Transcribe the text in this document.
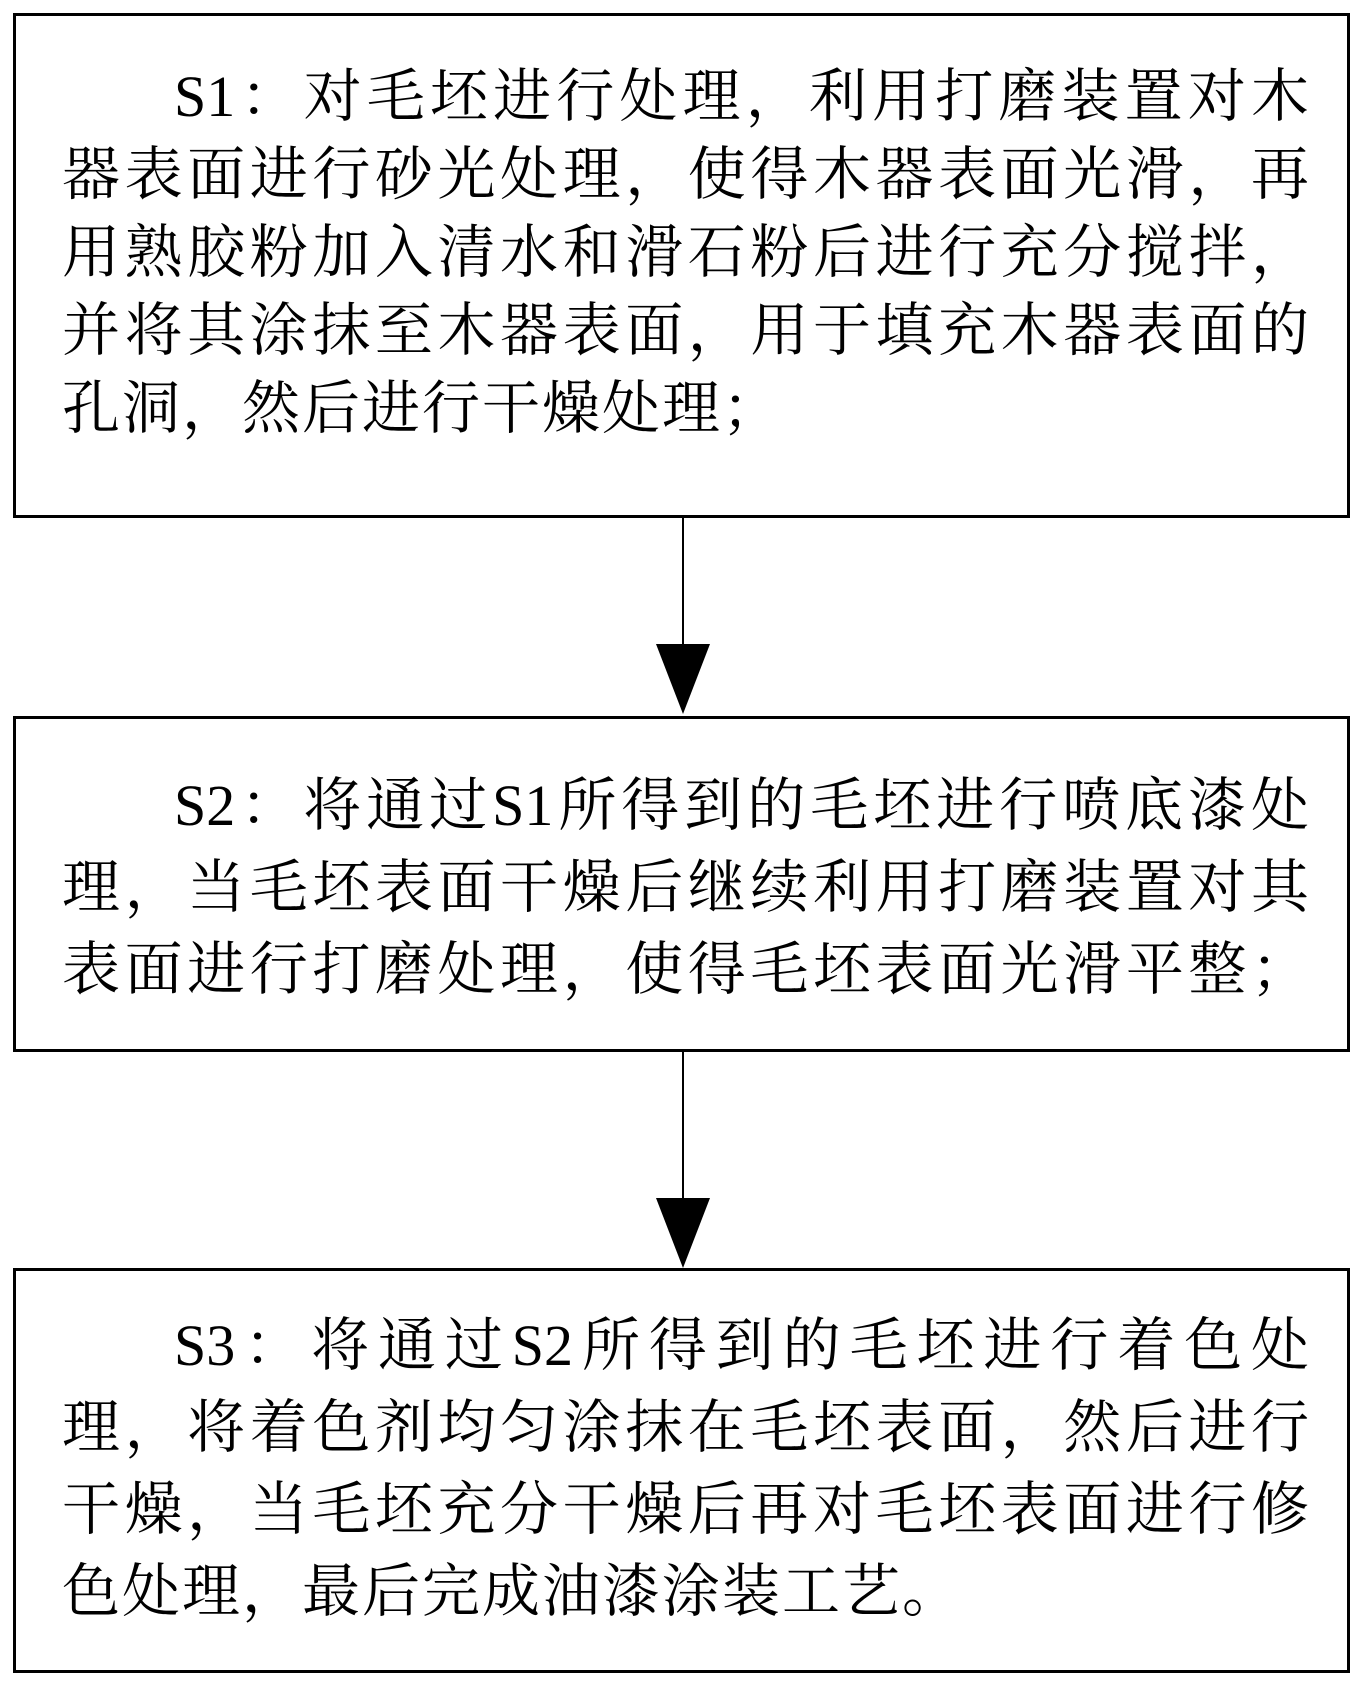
S1：对毛坯进行处理，利用打磨装置对木

器表面进行砂光处理，使得木器表面光滑，再

用熟胶粉加入清水和滑石粉后进行充分搅拌，

并将其涂抹至木器表面，用于填充木器表面的

孔洞，然后进行干燥处理；

S2：将通过S1所得到的毛坯进行喷底漆处

理，当毛坯表面干燥后继续利用打磨装置对其

表面进行打磨处理，使得毛坯表面光滑平整；

S3：将通过S2所得到的毛坯进行着色处

理，将着色剂均匀涂抹在毛坯表面，然后进行

干燥，当毛坯充分干燥后再对毛坯表面进行修

色处理，最后完成油漆涂装工艺。
